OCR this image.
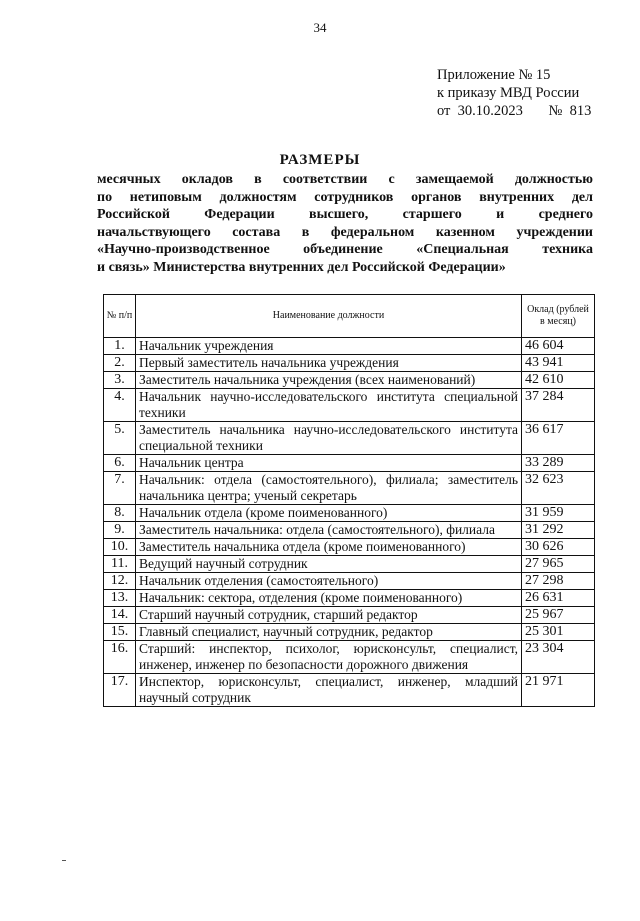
34
Приложение № 15
к приказу МВД России
от 30.10.2023 № 813
РАЗМЕРЫ
месячных окладов в соответствии с замещаемой должностью
по нетиповым должностям сотрудников органов внутренних дел
Российской Федерации высшего, старшего и среднего
начальствующего состава в федеральном казенном учреждении
«Научно-производственное объединение «Специальная техника
и связь» Министерства внутренних дел Российской Федерации»
№ п/п	Наименование должности	Оклад (рублей в месяц)
1.	Начальник учреждения	46 604
2.	Первый заместитель начальника учреждения	43 941
3.	Заместитель начальника учреждения (всех наименований)	42 610
4.	Начальник научно-исследовательского института специальной техники	37 284
5.	Заместитель начальника научно-исследовательского института специальной техники	36 617
6.	Начальник центра	33 289
7.	Начальник: отдела (самостоятельного), филиала; заместитель начальника центра; ученый секретарь	32 623
8.	Начальник отдела (кроме поименованного)	31 959
9.	Заместитель начальника: отдела (самостоятельного), филиала	31 292
10.	Заместитель начальника отдела (кроме поименованного)	30 626
11.	Ведущий научный сотрудник	27 965
12.	Начальник отделения (самостоятельного)	27 298
13.	Начальник: сектора, отделения (кроме поименованного)	26 631
14.	Старший научный сотрудник, старший редактор	25 967
15.	Главный специалист, научный сотрудник, редактор	25 301
16.	Старший: инспектор, психолог, юрисконсульт, специалист, инженер, инженер по безопасности дорожного движения	23 304
17.	Инспектор, юрисконсульт, специалист, инженер, младший научный сотрудник	21 971
